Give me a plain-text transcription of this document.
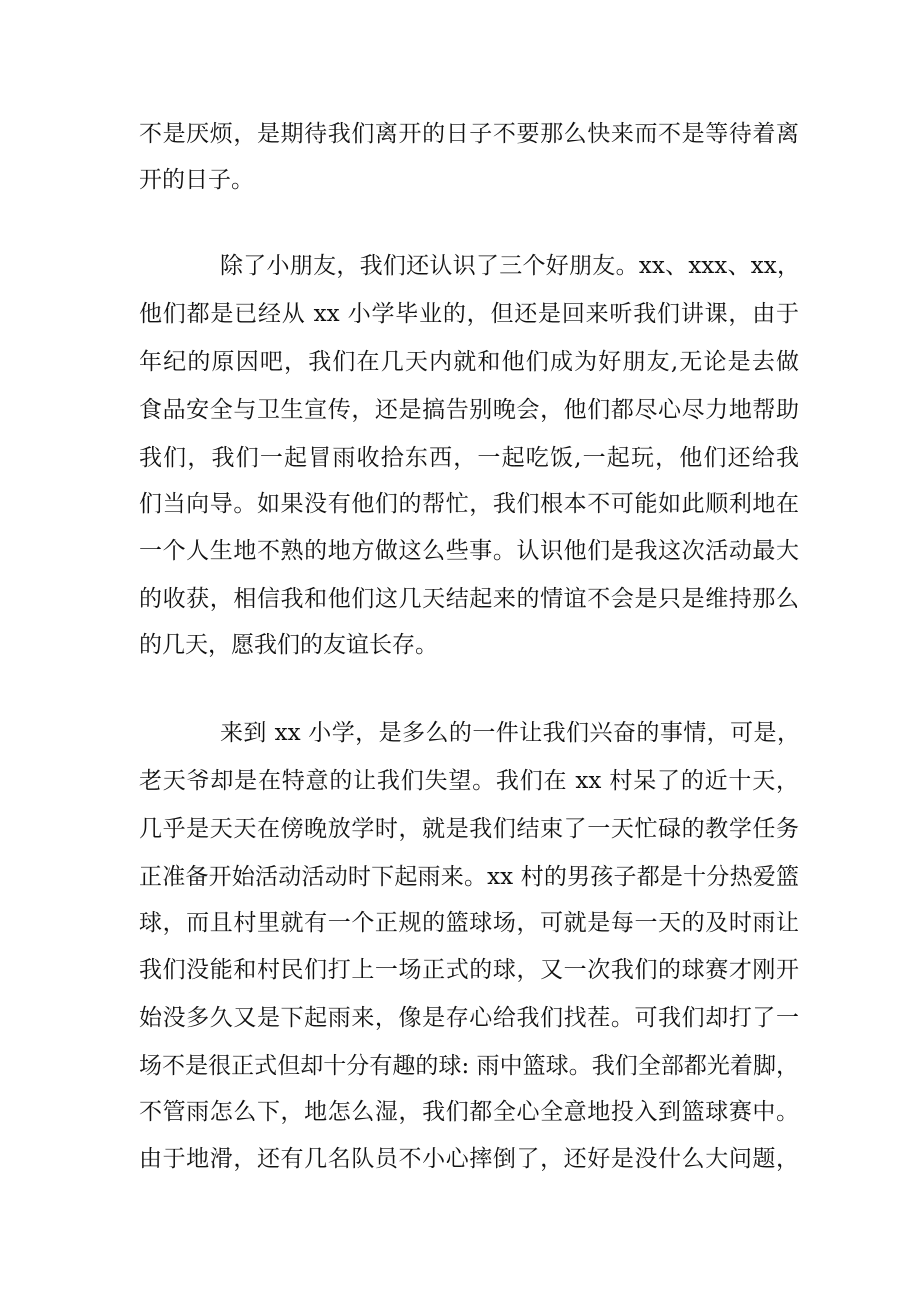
不是厌烦，是期待我们离开的日子不要那么快来而不是等待着离
开的日子。
除了小朋友，我们还认识了三个好朋友。xx、xxx、xx，
他们都是已经从 xx 小学毕业的，但还是回来听我们讲课，由于
年纪的原因吧，我们在几天内就和他们成为好朋友,无论是去做
食品安全与卫生宣传，还是搞告别晚会，他们都尽心尽力地帮助
我们，我们一起冒雨收拾东西，一起吃饭,一起玩，他们还给我
们当向导。如果没有他们的帮忙，我们根本不可能如此顺利地在
一个人生地不熟的地方做这么些事。认识他们是我这次活动最大
的收获，相信我和他们这几天结起来的情谊不会是只是维持那么
的几天，愿我们的友谊长存。
来到 xx 小学，是多么的一件让我们兴奋的事情，可是，
老天爷却是在特意的让我们失望。我们在 xx 村呆了的近十天，
几乎是天天在傍晚放学时，就是我们结束了一天忙碌的教学任务
正准备开始活动活动时下起雨来。xx 村的男孩子都是十分热爱篮
球，而且村里就有一个正规的篮球场，可就是每一天的及时雨让
我们没能和村民们打上一场正式的球，又一次我们的球赛才刚开
始没多久又是下起雨来，像是存心给我们找茬。可我们却打了一
场不是很正式但却十分有趣的球: 雨中篮球。我们全部都光着脚，
不管雨怎么下，地怎么湿，我们都全心全意地投入到篮球赛中。
由于地滑，还有几名队员不小心摔倒了，还好是没什么大问题，
